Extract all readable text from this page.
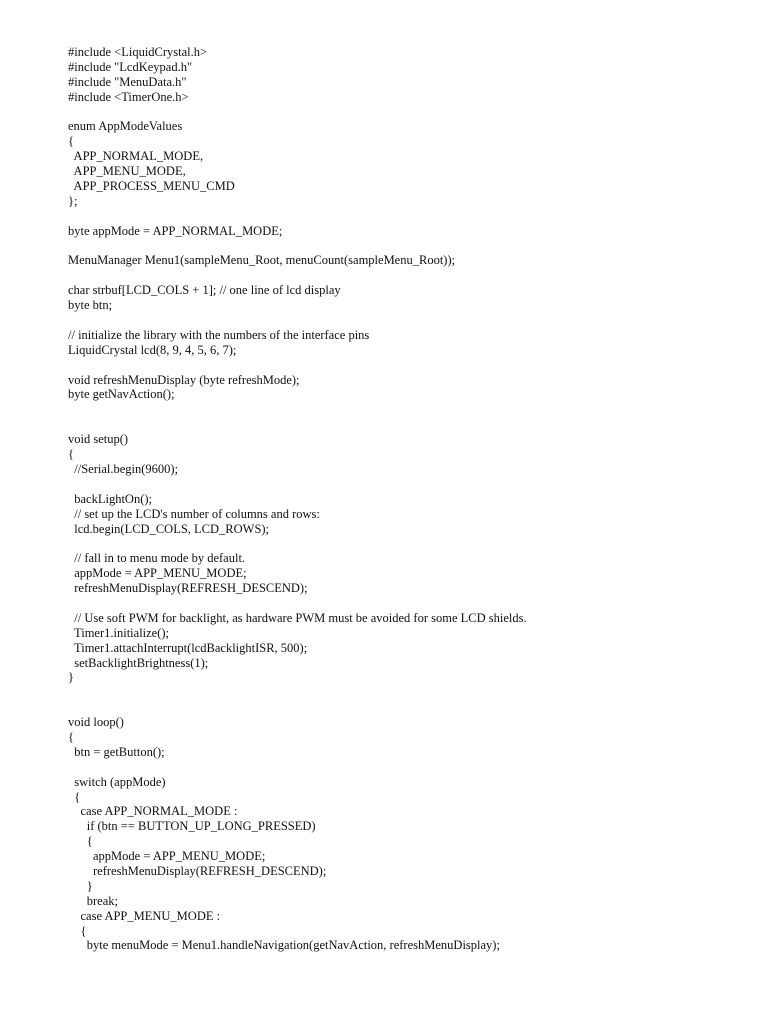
#include <LiquidCrystal.h>
#include "LcdKeypad.h"
#include "MenuData.h"
#include <TimerOne.h>

enum AppModeValues
{
APP_NORMAL_MODE,
APP_MENU_MODE,
APP_PROCESS_MENU_CMD
};

byte appMode = APP_NORMAL_MODE;

MenuManager Menu1(sampleMenu_Root, menuCount(sampleMenu_Root));

char strbuf[LCD_COLS + 1]; // one line of lcd display
byte btn;

// initialize the library with the numbers of the interface pins
LiquidCrystal lcd(8, 9, 4, 5, 6, 7);

void refreshMenuDisplay (byte refreshMode);
byte getNavAction();

void setup()
{
//Serial.begin(9600);

backLightOn();
// set up the LCD's number of columns and rows:
lcd.begin(LCD_COLS, LCD_ROWS);

// fall in to menu mode by default.
appMode = APP_MENU_MODE;
refreshMenuDisplay(REFRESH_DESCEND);

// Use soft PWM for backlight, as hardware PWM must be avoided for some LCD shields.
Timer1.initialize();
Timer1.attachInterrupt(lcdBacklightISR, 500);
setBacklightBrightness(1);
}

void loop()
{
btn = getButton();

switch (appMode)
{
case APP_NORMAL_MODE :
if (btn == BUTTON_UP_LONG_PRESSED)
{
appMode = APP_MENU_MODE;
refreshMenuDisplay(REFRESH_DESCEND);
}
break;
case APP_MENU_MODE :
{
byte menuMode = Menu1.handleNavigation(getNavAction, refreshMenuDisplay);
